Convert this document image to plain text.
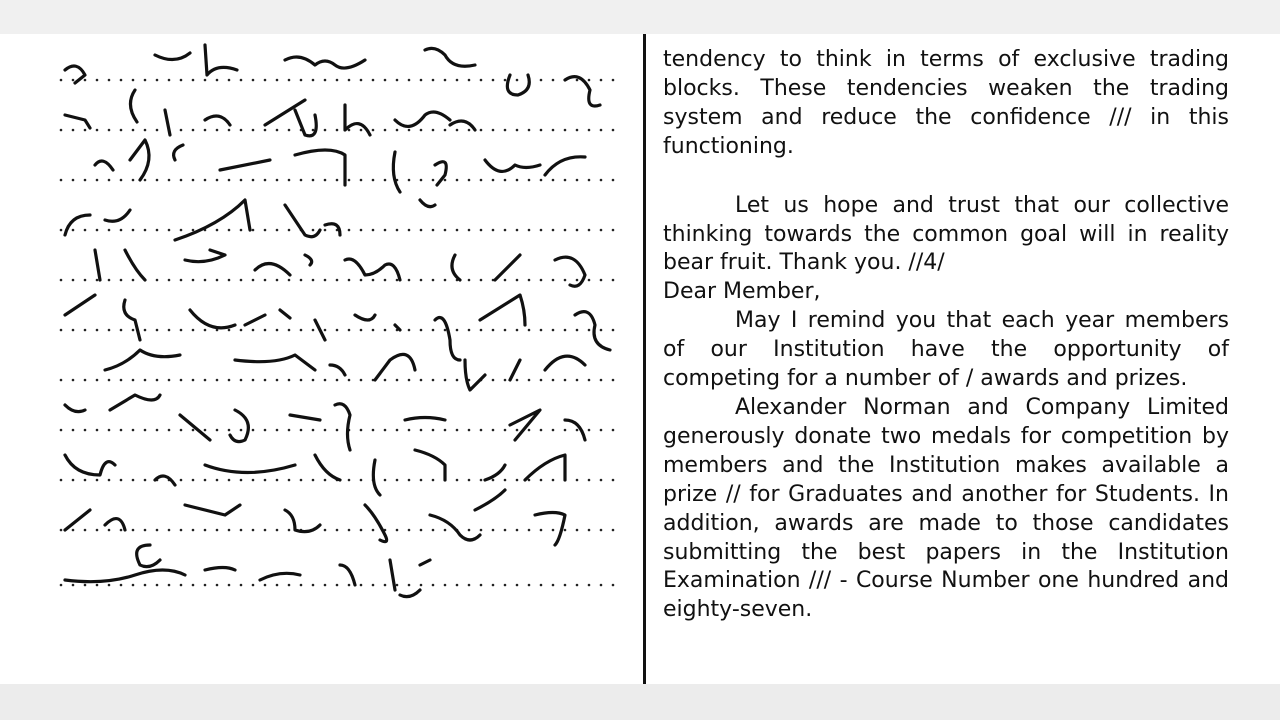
tendency to think in terms of exclusive trading blocks. These tendencies weaken the trading system and reduce the confidence /// in this functioning.

Let us hope and trust that our collective thinking towards the common goal will in reality bear fruit. Thank you. //4/

Dear Member,

May I remind you that each year members of our Institution have the opportunity of competing for a number of / awards and prizes.

Alexander Norman and Company Limited generously donate two medals for competition by members and the Institution makes available a prize // for Graduates and another for Students. In addition, awards are made to those candidates submitting the best papers in the Institution Examination /// - Course Number one hundred and eighty-seven.
